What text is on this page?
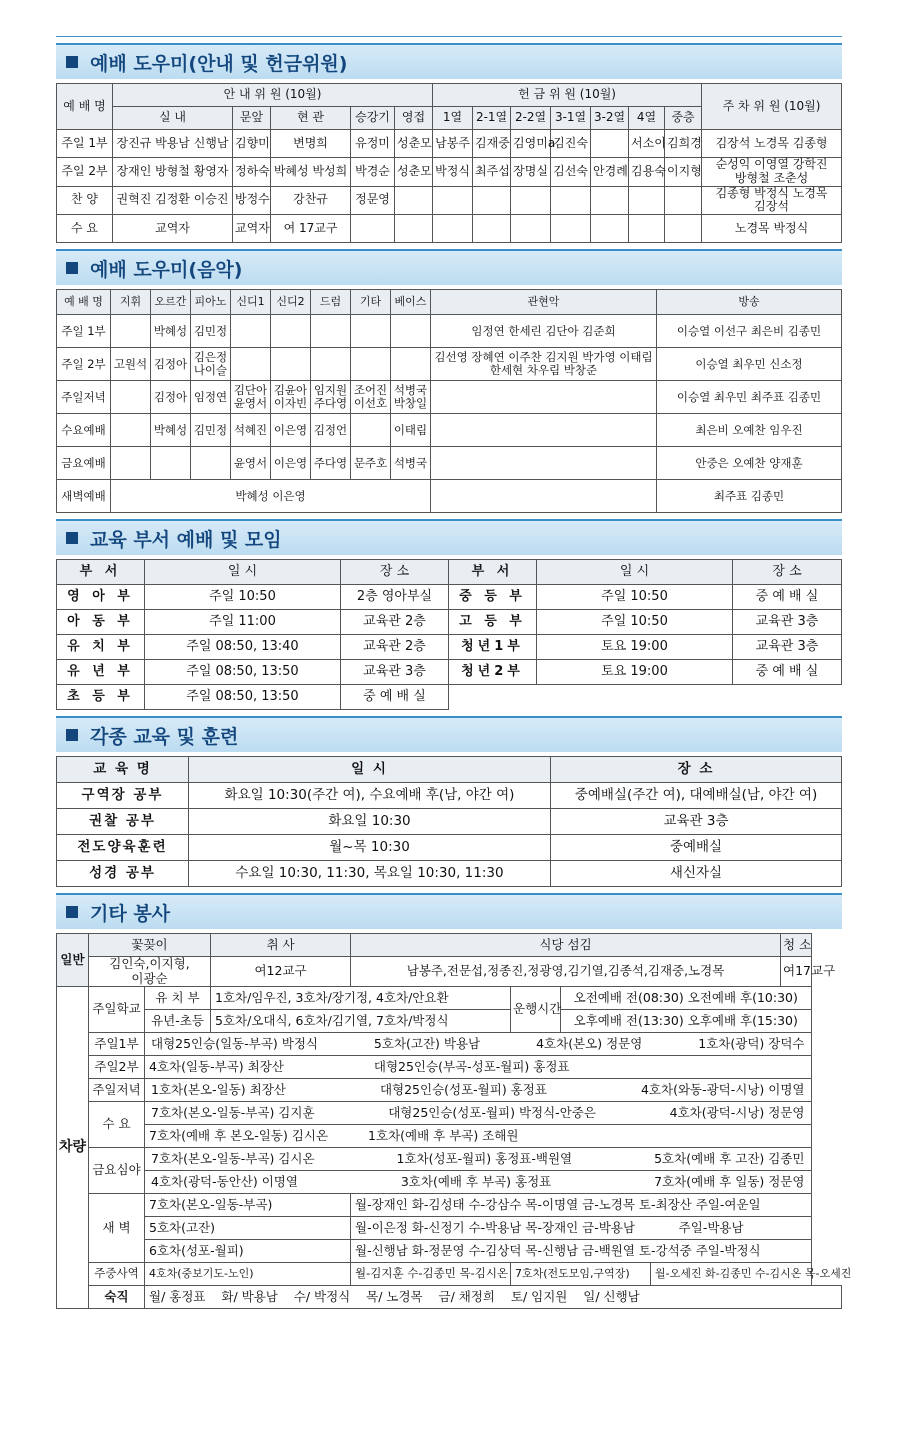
예배 도우미(안내 및 헌금위원)
예 배 명	안 내 위 원 (10월)					헌 금 위 원 (10월)							주 차 위 원 (10월)
	실 내	문앞	현 관	승강기	영접	1열	2-1열	2-2열	3-1열	3-2열	4열	중층	
주일 1부	장진규 박용남 신행남	김향미	변명희	유정미	성춘모	남봉주	김재중	김영미a	김진숙		서소이	김희경	김장석 노경목 김종형
주일 2부	장재인 방형철 황영자	정하숙	박혜성 박성희	박경순	성춘모	박정식	최주섭	장명실	김선숙	안경례	김용숙	이지형	순성익 이영열 강학진 방형철 조춘성
찬 양	권혁진 김정환 이승진	방정수	강찬규	정문영									김종형 박정식 노경목 김장석
수 요	교역자	교역자	여 17교구										노경목 박정식
예배 도우미(음악)
예 배 명	지휘	오르간	피아노	신디1	신디2	드럼	기타	베이스	관현악	방송
주일 1부		박혜성	김민정						임정연 한세린 김단아 김준희	이승열 이선구 최은비 김종민
주일 2부	고원석	김정아	김은정 나이슬						김선영 장혜연 이주찬 김지원 박가영 이태림 한세현 차우림 박창준	이승열 최우민 신소정
주일저녁		김정아	임정연	김단아 윤영서	김윤아 이자빈	임지원 주다영	조어진 이선호	석병국 박창일		이승열 최우민 최주표 김종민
수요예배		박혜성	김민정	석혜진	이은영	김정언		이태림		최은비 오예찬 임우진
금요예배				윤영서	이은영	주다영	문주호	석병국		안중은 오예찬 양재훈
새벽예배	박혜성 이은영									최주표 김종민
교육 부서 예배 및 모임
부 서	일 시	장 소	부 서	일 시	장 소
영 아 부	주일 10:50	2층 영아부실	중 등 부	주일 10:50	중 예 배 실
아 동 부	주일 11:00	교육관 2층	고 등 부	주일 10:50	교육관 3층
유 치 부	주일 08:50, 13:40	교육관 2층	청년1부	토요 19:00	교육관 3층
유 년 부	주일 08:50, 13:50	교육관 3층	청년2부	토요 19:00	중 예 배 실
초 등 부	주일 08:50, 13:50	중 예 배 실			
각종 교육 및 훈련
교 육 명	일 시	장 소
구역장 공부	화요일 10:30(주간 여), 수요예배 후(남, 야간 여)	중예배실(주간 여), 대예배실(남, 야간 여)
권찰 공부	화요일 10:30	교육관 3층
전도양육훈련	월~목 10:30	중예배실
성경 공부	수요일 10:30, 11:30, 목요일 10:30, 11:30	새신자실
기타 봉사
일반	꽃꽂이		취 사	식당 섬김				청 소
	김인숙,이지형, 이광순		여12교구	남봉주,전문섭,정종진,정광영,김기열,김종석,김재중,노경목				여17교구
차량	주일학교	유 치 부	1호차/임우진, 3호차/장기정, 4호차/안요환		운행시간	오전예배 전(08:30) 오전예배 후(10:30)		
		유년-초등	5호차/오대식, 6호차/김기열, 7호차/박정식			오후예배 전(13:30) 오후예배 후(15:30)		
	주일1부	대형25인승(일동-부곡) 박정식 5호차(고잔) 박용남 4호차(본오) 정문영 1호차(광덕) 장덕수						

	주일2부	4호차(일동-부곡) 최장산 대형25인승(부곡-성포-월피) 홍정표						
	주일저녁	1호차(본오-일동) 최장산 대형25인승(성포-월피) 홍정표 4호차(와동-광덕-시낭) 이명열						

	수 요	7호차(본오-일동-부곡) 김지훈 대형25인승(성포-월피) 박정식-안중은 4호차(광덕-시낭) 정문영						

		7호차(예배 후 본오-일동) 김시온 1호차(예배 후 부곡) 조해원						
	금요심야	7호차(본오-일동-부곡) 김시온 1호차(성포-월피) 홍정표-백원열 5호차(예배 후 고잔) 김종민						

		4호차(광덕-동안산) 이명열 3호차(예배 후 부곡) 홍정표 7호차(예배 후 일동) 정문영						

	새 벽	7호차(본오-일동-부곡)		월-장재인 화-김성태 수-강삼수 목-이명열 금-노경목 토-최장산 주일-여운일				
		5호차(고잔)		월-이은정 화-신정기 수-박용남 목-장재인 금-박용남           주일-박용남				
		6호차(성포-월피)		월-신행남 화-정문영 수-김상덕 목-신행남 금-백원열 토-강석중 주일-박정식				
	주중사역	4호차(중보기도-노인)		월-김지훈 수-김종민 목-김시온	7호차(전도모임,구역장)		월-오세진 화-김종민 수-김시온 목-오세진	
	숙직	월/ 홍정표    화/ 박용남    수/ 박정식    목/ 노경목    금/ 채정희    토/ 임지원    일/ 신행남						
